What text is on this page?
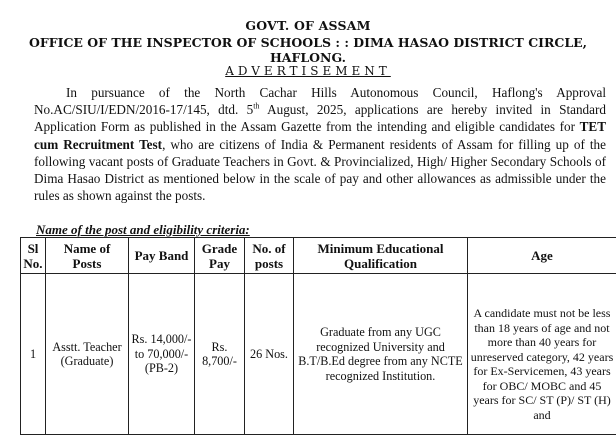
GOVT. OF ASSAM
OFFICE OF THE INSPECTOR OF SCHOOLS : : DIMA HASAO DISTRICT CIRCLE, HAFLONG.
ADVERTISEMENT
In pursuance of the North Cachar Hills Autonomous Council, Haflong's Approval No.AC/SIU/I/EDN/2016-17/145, dtd. 5th August, 2025, applications are hereby invited in Standard Application Form as published in the Assam Gazette from the intending and eligible candidates for TET cum Recruitment Test, who are citizens of India & Permanent residents of Assam for filling up of the following vacant posts of Graduate Teachers in Govt. & Provincialized, High/ Higher Secondary Schools of Dima Hasao District as mentioned below in the scale of pay and other allowances as admissible under the rules as shown against the posts.
Name of the post and eligibility criteria:
Sl No.	Name of Posts	Pay Band	Grade Pay	No. of posts	Minimum Educational Qualification	Age
1	Asstt. Teacher (Graduate)	Rs. 14,000/- to 70,000/- (PB-2)	Rs. 8,700/-	26 Nos.	Graduate from any UGC recognized University and B.T/B.Ed degree from any NCTE recognized Institution.	A candidate must not be less than 18 years of age and not more than 40 years for unreserved category, 42 years for Ex-Servicemen, 43 years for OBC/ MOBC and 45 years for SC/ ST (P)/ ST (H) and
